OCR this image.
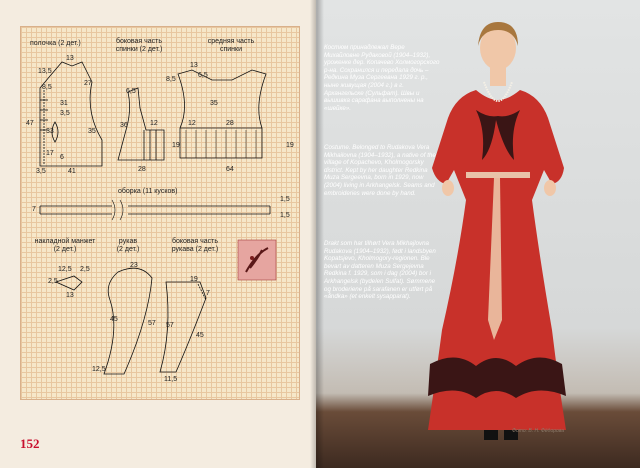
полочка (2 дет.)	боковая часть
спинки (2 дет.)
средняя часть
спинки
оборка (11 кусков)
накладной манжет
(2 дет.)
рукав
(2 дет.)
боковая часть
рукава (2 дет.)
13
13,5
8,5
31
3,5
27
47
17
33
6
35
3,5	41
6,5
36	12
28
13
6,5
8,5
35
12	28
19	19
64
7
1,5
1,5
12,5 2,5
2,5
13
23
45
57
12,5
19
7
57
45
11,5
152
Костюм принадлежал Вере Михайловне Рудаковой (1904–1932), уроженке дер. Копачево Холмогорского р-на. Сохранился и передала дочь – Редкина Муза Сергеевна 1929 г. р., ныне живущая (2004 г.) в г. Архангельске (Сульфат). Швы и вышивка сарафана выполнены на «шейке».
Costume. Belonged to Rudakova Vera Mikhailovna (1904–1932), a native of the village of Kopachevo, Kholmogorsky district. Kept by her daughter Redkina Muza Sergeevna, born in 1929, now (2004) living in Arkhangelsk. Seams and embroideries were done by hand.
Drakt som har tilhørt Vera Mikhajlovna Rudakova (1904–1932), født i landsbyen Kopatsjevo, Kholmogory-regionen. Ble bevart av datteren Muza Sergejevna Redkina f. 1929, som i dag (2004) bor i Arkhangelsk (bydelen Sulfat). Sømmene og broderiene på sarafanen er utført på «åndka» (et enkelt sysapparat).
Фото: В. Н. Фёдорова
